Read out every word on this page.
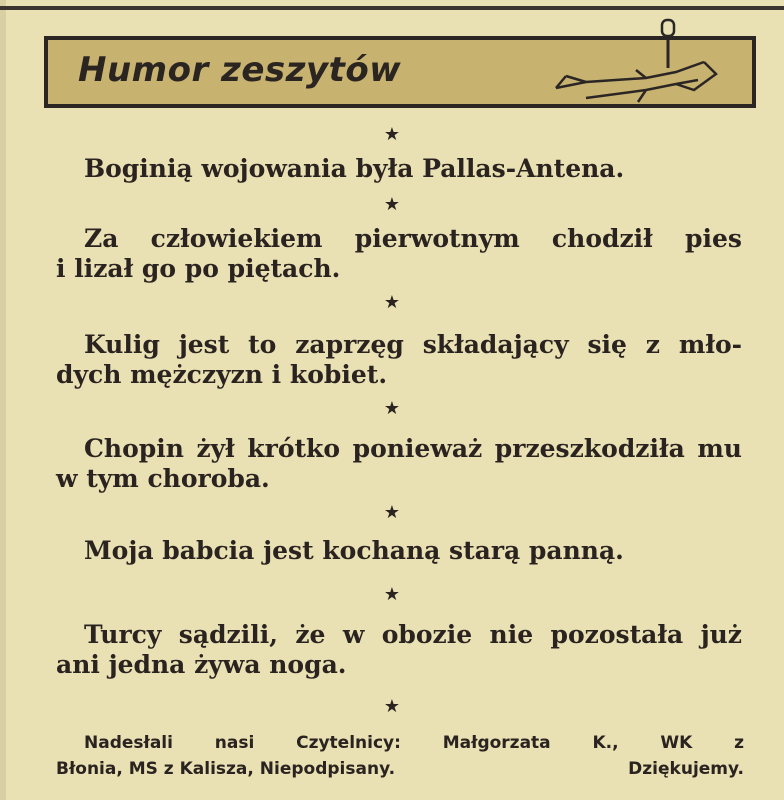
Humor zeszytów
★
Boginią wojowania była Pallas-Antena.
★
Za człowiekiem pierwotnym chodził pies
i lizał go po piętach.
★
Kulig jest to zaprzęg składający się z mło-
dych mężczyzn i kobiet.
★
Chopin żył krótko ponieważ przeszkodziła mu
w tym choroba.
★
Moja babcia jest kochaną starą panną.
★
Turcy sądzili, że w obozie nie pozostała już
ani jedna żywa noga.
★
Nadesłali nasi Czytelnicy: Małgorzata K., WK z
Błonia, MS z Kalisza, Niepodpisany.	Dziękujemy.
